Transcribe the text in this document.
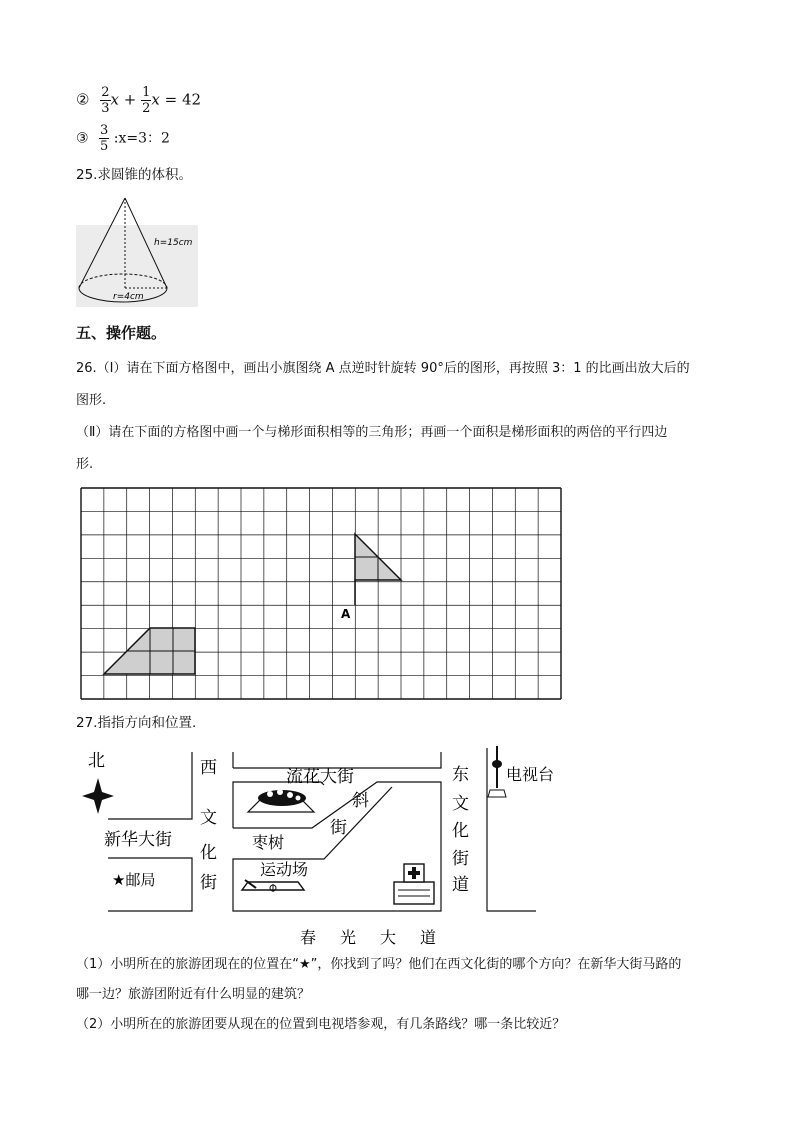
② $\frac{2}{3}$ $x + \frac{1}{2}$ x = 42
③ $\frac{3}{5}$ :x=3：2
25.求圆锥的体积。
h=15cm
r=4cm
五、操作题。
26.（Ⅰ）请在下面方格图中，画出小旗图绕 A 点逆时针旋转 90°后的图形，再按照 3：1 的比画出放大后的
图形.
（Ⅱ）请在下面的方格图中画一个与梯形面积相等的三角形；再画一个面积是梯形面积的两倍的平行四边
形.
A
27.指指方向和位置.
北	西
文
化
街
东
文
化
街
道
流花大街
斜
街
新华大街	枣树
运动场
★邮局
电视台
春 光 大 道
（1）小明所在的旅游团现在的位置在“★”，你找到了吗？他们在西文化街的哪个方向？在新华大街马路的
哪一边？旅游团附近有什么明显的建筑？
（2）小明所在的旅游团要从现在的位置到电视塔参观，有几条路线？哪一条比较近？
